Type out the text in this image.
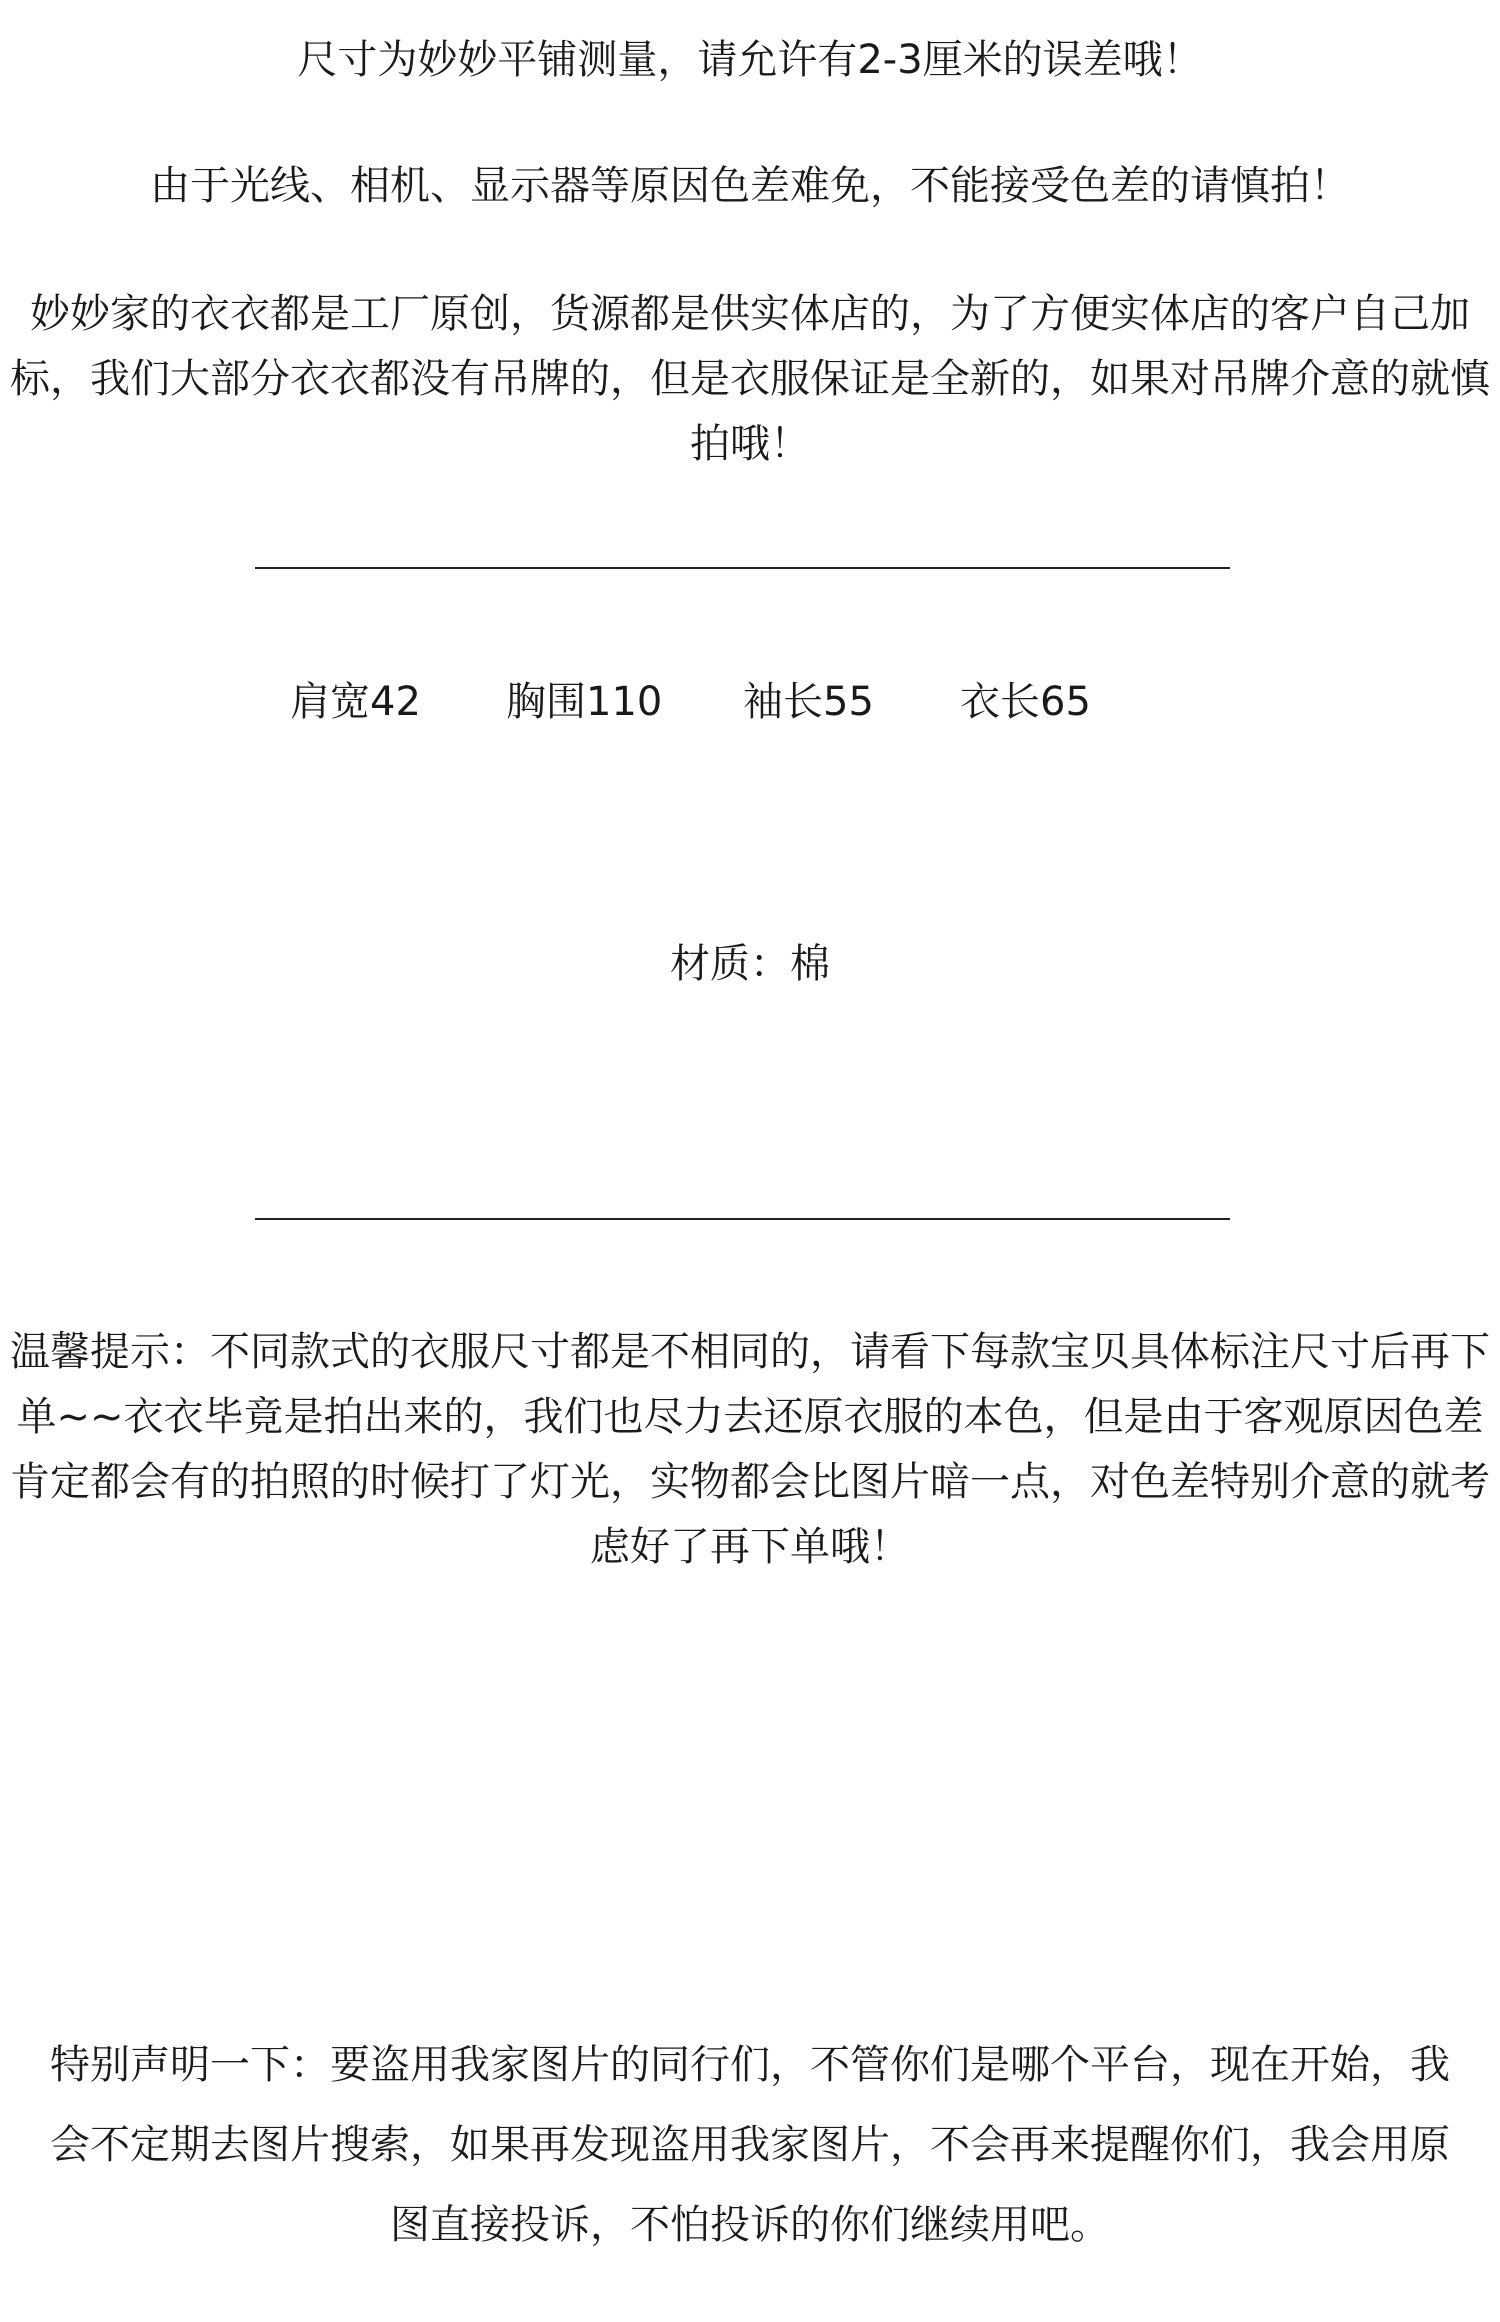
尺寸为妙妙平铺测量，请允许有2-3厘米的误差哦！
由于光线、相机、显示器等原因色差难免，不能接受色差的请慎拍！
妙妙家的衣衣都是工厂原创，货源都是供实体店的，为了方便实体店的客户自己加标，我们大部分衣衣都没有吊牌的，但是衣服保证是全新的，如果对吊牌介意的就慎拍哦！
肩宽42 胸围110 袖长55 衣长65
材质：棉
温馨提示：不同款式的衣服尺寸都是不相同的，请看下每款宝贝具体标注尺寸后再下单~~衣衣毕竟是拍出来的，我们也尽力去还原衣服的本色，但是由于客观原因色差肯定都会有的拍照的时候打了灯光，实物都会比图片暗一点，对色差特别介意的就考虑好了再下单哦！
特别声明一下：要盗用我家图片的同行们，不管你们是哪个平台，现在开始，我会不定期去图片搜索，如果再发现盗用我家图片，不会再来提醒你们，我会用原图直接投诉，不怕投诉的你们继续用吧。
